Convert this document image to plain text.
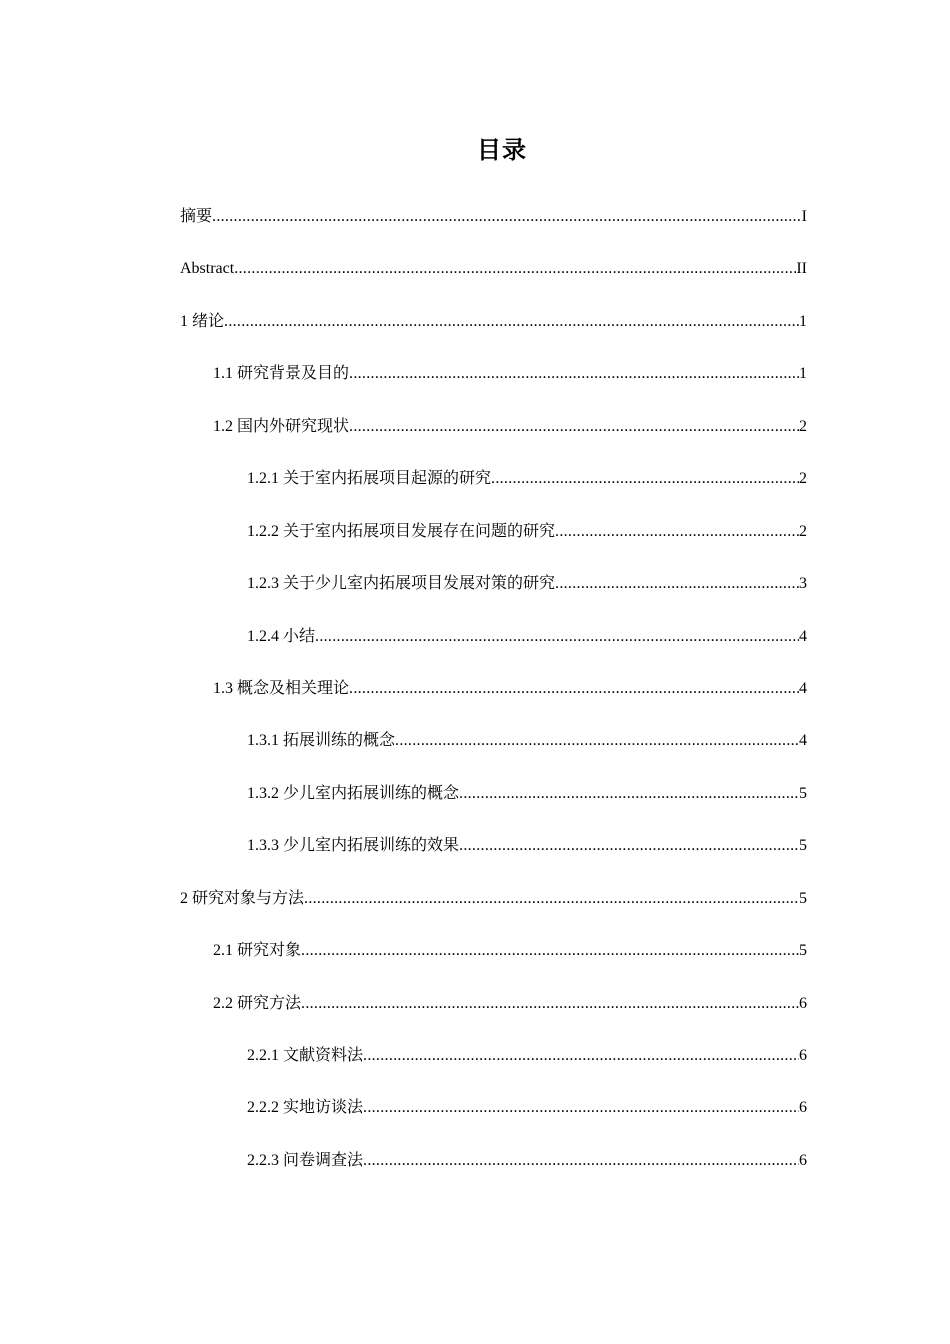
目录
摘要 .....	I
Abstract .....	II
1 绪论 .....	1
1.1 研究背景及目的 .....	1
1.2 国内外研究现状 .....	2
1.2.1 关于室内拓展项目起源的研究 .....	2
1.2.2 关于室内拓展项目发展存在问题的研究 .....	2
1.2.3 关于少儿室内拓展项目发展对策的研究 .....	3
1.2.4 小结 .....	4
1.3 概念及相关理论 .....	4
1.3.1 拓展训练的概念 .....	4
1.3.2 少儿室内拓展训练的概念 .....	5
1.3.3 少儿室内拓展训练的效果 .....	5
2 研究对象与方法 .....	5
2.1 研究对象 .....	5
2.2 研究方法 .....	6
2.2.1 文献资料法 .....	6
2.2.2 实地访谈法 .....	6
2.2.3 问卷调查法 .....	6
